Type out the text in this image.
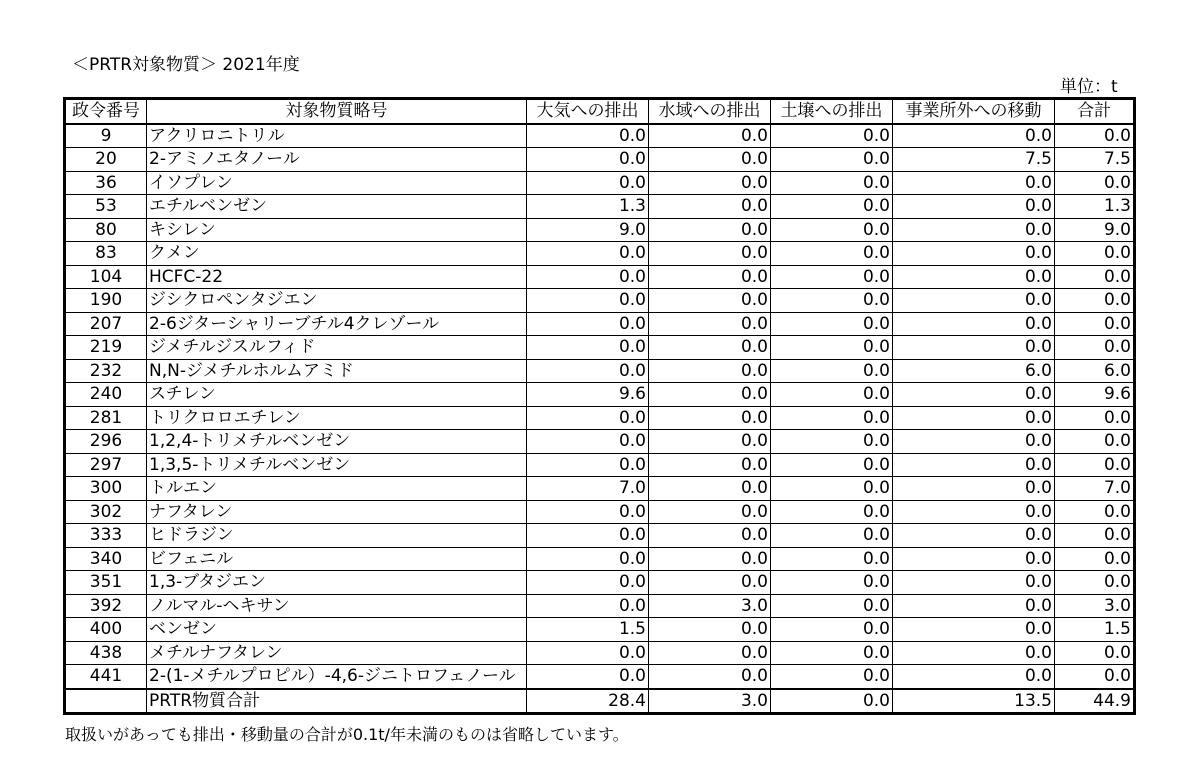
＜PRTR対象物質＞ 2021年度
単位：t
政令番号	対象物質略号	大気への排出	水域への排出	土壌への排出	事業所外への移動	合計
9	アクリロニトリル	0.0	0.0	0.0	0.0	0.0
20	2-アミノエタノール	0.0	0.0	0.0	7.5	7.5
36	イソプレン	0.0	0.0	0.0	0.0	0.0
53	エチルベンゼン	1.3	0.0	0.0	0.0	1.3
80	キシレン	9.0	0.0	0.0	0.0	9.0
83	クメン	0.0	0.0	0.0	0.0	0.0
104	HCFC-22	0.0	0.0	0.0	0.0	0.0
190	ジシクロペンタジエン	0.0	0.0	0.0	0.0	0.0
207	2-6ジターシャリーブチル4クレゾール	0.0	0.0	0.0	0.0	0.0
219	ジメチルジスルフィド	0.0	0.0	0.0	0.0	0.0
232	N,N-ジメチルホルムアミド	0.0	0.0	0.0	6.0	6.0
240	スチレン	9.6	0.0	0.0	0.0	9.6
281	トリクロロエチレン	0.0	0.0	0.0	0.0	0.0
296	1,2,4-トリメチルベンゼン	0.0	0.0	0.0	0.0	0.0
297	1,3,5-トリメチルベンゼン	0.0	0.0	0.0	0.0	0.0
300	トルエン	7.0	0.0	0.0	0.0	7.0
302	ナフタレン	0.0	0.0	0.0	0.0	0.0
333	ヒドラジン	0.0	0.0	0.0	0.0	0.0
340	ビフェニル	0.0	0.0	0.0	0.0	0.0
351	1,3-ブタジエン	0.0	0.0	0.0	0.0	0.0
392	ノルマル-ヘキサン	0.0	3.0	0.0	0.0	3.0
400	ベンゼン	1.5	0.0	0.0	0.0	1.5
438	メチルナフタレン	0.0	0.0	0.0	0.0	0.0
441	2-(1-メチルプロピル）-4,6-ジニトロフェノール	0.0	0.0	0.0	0.0	0.0
	PRTR物質合計	28.4	3.0	0.0	13.5	44.9
取扱いがあっても排出・移動量の合計が0.1t/年未満のものは省略しています。
